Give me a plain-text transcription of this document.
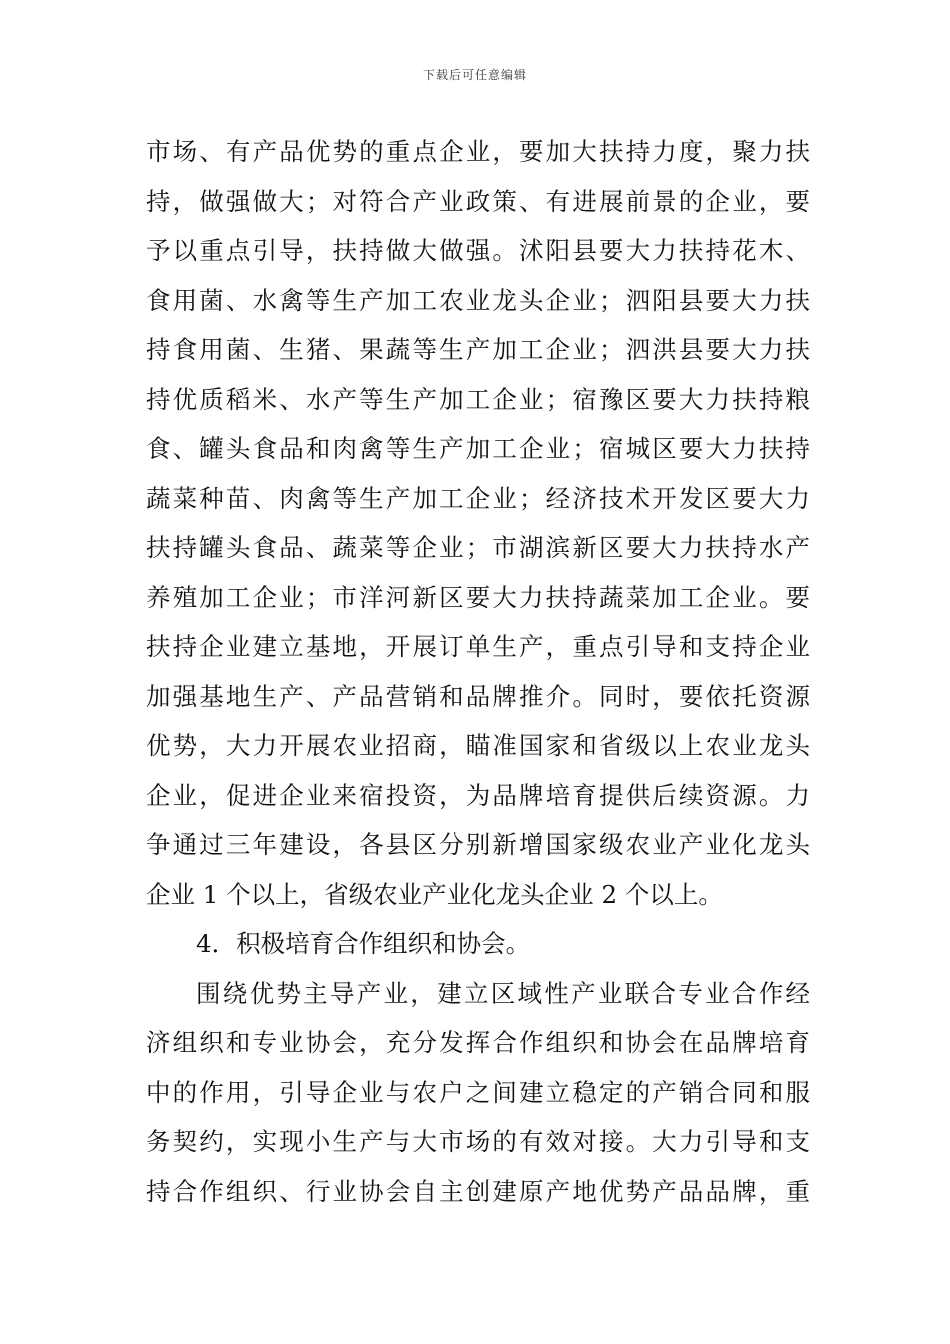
下载后可任意编辑
市场、有产品优势的重点企业，要加大扶持力度，聚力扶
持，做强做大；对符合产业政策、有进展前景的企业，要
予以重点引导，扶持做大做强。沭阳县要大力扶持花木、
食用菌、水禽等生产加工农业龙头企业；泗阳县要大力扶
持食用菌、生猪、果蔬等生产加工企业；泗洪县要大力扶
持优质稻米、水产等生产加工企业；宿豫区要大力扶持粮
食、罐头食品和肉禽等生产加工企业；宿城区要大力扶持
蔬菜种苗、肉禽等生产加工企业；经济技术开发区要大力
扶持罐头食品、蔬菜等企业；市湖滨新区要大力扶持水产
养殖加工企业；市洋河新区要大力扶持蔬菜加工企业。要
扶持企业建立基地，开展订单生产，重点引导和支持企业
加强基地生产、产品营销和品牌推介。同时，要依托资源
优势，大力开展农业招商，瞄准国家和省级以上农业龙头
企业，促进企业来宿投资，为品牌培育提供后续资源。力
争通过三年建设，各县区分别新增国家级农业产业化龙头
企业 1 个以上，省级农业产业化龙头企业 2 个以上。
4．积极培育合作组织和协会。
围绕优势主导产业，建立区域性产业联合专业合作经
济组织和专业协会，充分发挥合作组织和协会在品牌培育
中的作用，引导企业与农户之间建立稳定的产销合同和服
务契约，实现小生产与大市场的有效对接。大力引导和支
持合作组织、行业协会自主创建原产地优势产品品牌，重
